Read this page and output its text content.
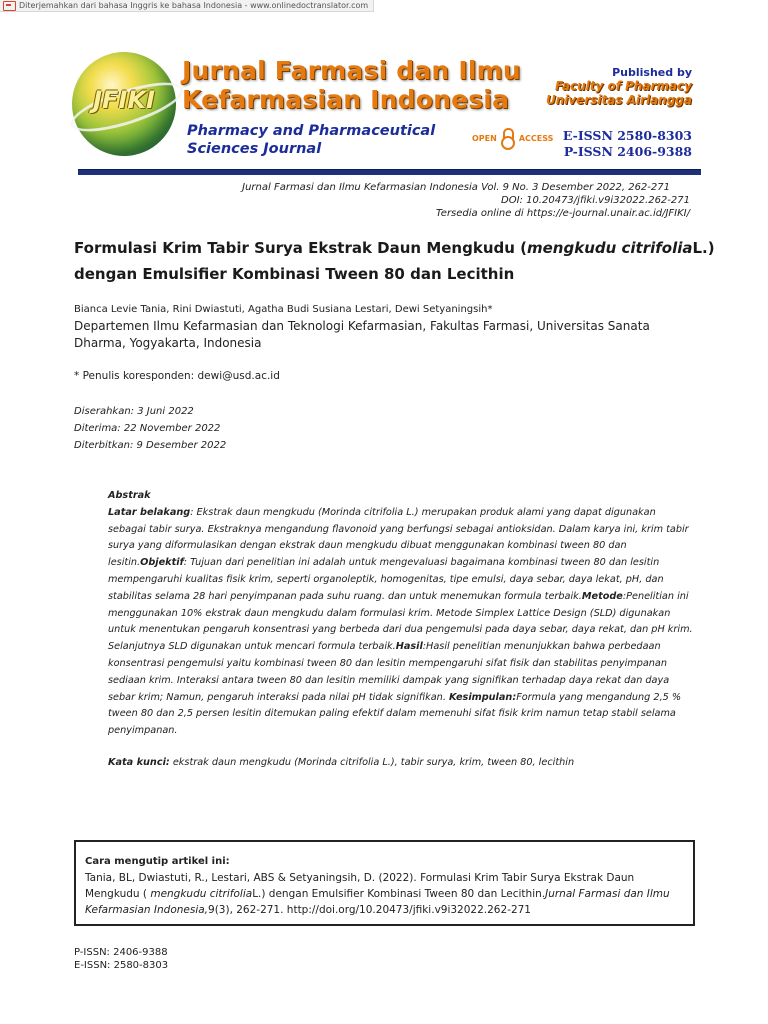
Diterjemahkan dari bahasa Inggris ke bahasa Indonesia - www.onlinedoctranslator.com
JFIKI
Jurnal Farmasi dan Ilmu
Kefarmasian Indonesia
Pharmacy and Pharmaceutical
Sciences Journal
OPEN	ACCESS
Published by
Faculty of Pharmacy
Universitas Airlangga
E-ISSN 2580-8303
P-ISSN 2406-9388
Jurnal Farmasi dan Ilmu Kefarmasian Indonesia Vol. 9 No. 3 Desember 2022, 262-271
DOI: 10.20473/jfiki.v9i32022.262-271
Tersedia online di https://e-journal.unair.ac.id/JFIKI/
Formulasi Krim Tabir Surya Ekstrak Daun Mengkudu (mengkudu citrifoliaL.)
dengan Emulsifier Kombinasi Tween 80 dan Lecithin
Bianca Levie Tania, Rini Dwiastuti, Agatha Budi Susiana Lestari, Dewi Setyaningsih*
Departemen Ilmu Kefarmasian dan Teknologi Kefarmasian, Fakultas Farmasi, Universitas Sanata Dharma, Yogyakarta, Indonesia
* Penulis koresponden: dewi@usd.ac.id
Diserahkan: 3 Juni 2022
Diterima: 22 November 2022
Diterbitkan: 9 Desember 2022
Abstrak
Latar belakang: Ekstrak daun mengkudu (Morinda citrifolia L.) merupakan produk alami yang dapat digunakan sebagai tabir surya. Ekstraknya mengandung flavonoid yang berfungsi sebagai antioksidan. Dalam karya ini, krim tabir surya yang diformulasikan dengan ekstrak daun mengkudu dibuat menggunakan kombinasi tween 80 dan lesitin.Objektif: Tujuan dari penelitian ini adalah untuk mengevaluasi bagaimana kombinasi tween 80 dan lesitin mempengaruhi kualitas fisik krim, seperti organoleptik, homogenitas, tipe emulsi, daya sebar, daya lekat, pH, dan stabilitas selama 28 hari penyimpanan pada suhu ruang. dan untuk menemukan formula terbaik.Metode:Penelitian ini menggunakan 10% ekstrak daun mengkudu dalam formulasi krim. Metode Simplex Lattice Design (SLD) digunakan untuk menentukan pengaruh konsentrasi yang berbeda dari dua pengemulsi pada daya sebar, daya rekat, dan pH krim. Selanjutnya SLD digunakan untuk mencari formula terbaik.Hasil:Hasil penelitian menunjukkan bahwa perbedaan konsentrasi pengemulsi yaitu kombinasi tween 80 dan lesitin mempengaruhi sifat fisik dan stabilitas penyimpanan sediaan krim. Interaksi antara tween 80 dan lesitin memiliki dampak yang signifikan terhadap daya rekat dan daya sebar krim; Namun, pengaruh interaksi pada nilai pH tidak signifikan. Kesimpulan:Formula yang mengandung 2,5 % tween 80 dan 2,5 persen lesitin ditemukan paling efektif dalam memenuhi sifat fisik krim namun tetap stabil selama penyimpanan.
Kata kunci: ekstrak daun mengkudu (Morinda citrifolia L.), tabir surya, krim, tween 80, lecithin
Cara mengutip artikel ini:
Tania, BL, Dwiastuti, R., Lestari, ABS & Setyaningsih, D. (2022). Formulasi Krim Tabir Surya Ekstrak Daun Mengkudu ( mengkudu citrifoliaL.) dengan Emulsifier Kombinasi Tween 80 dan Lecithin.Jurnal Farmasi dan Ilmu Kefarmasian Indonesia,9(3), 262-271. http://doi.org/10.20473/jfiki.v9i32022.262-271
P-ISSN: 2406-9388
E-ISSN: 2580-8303
